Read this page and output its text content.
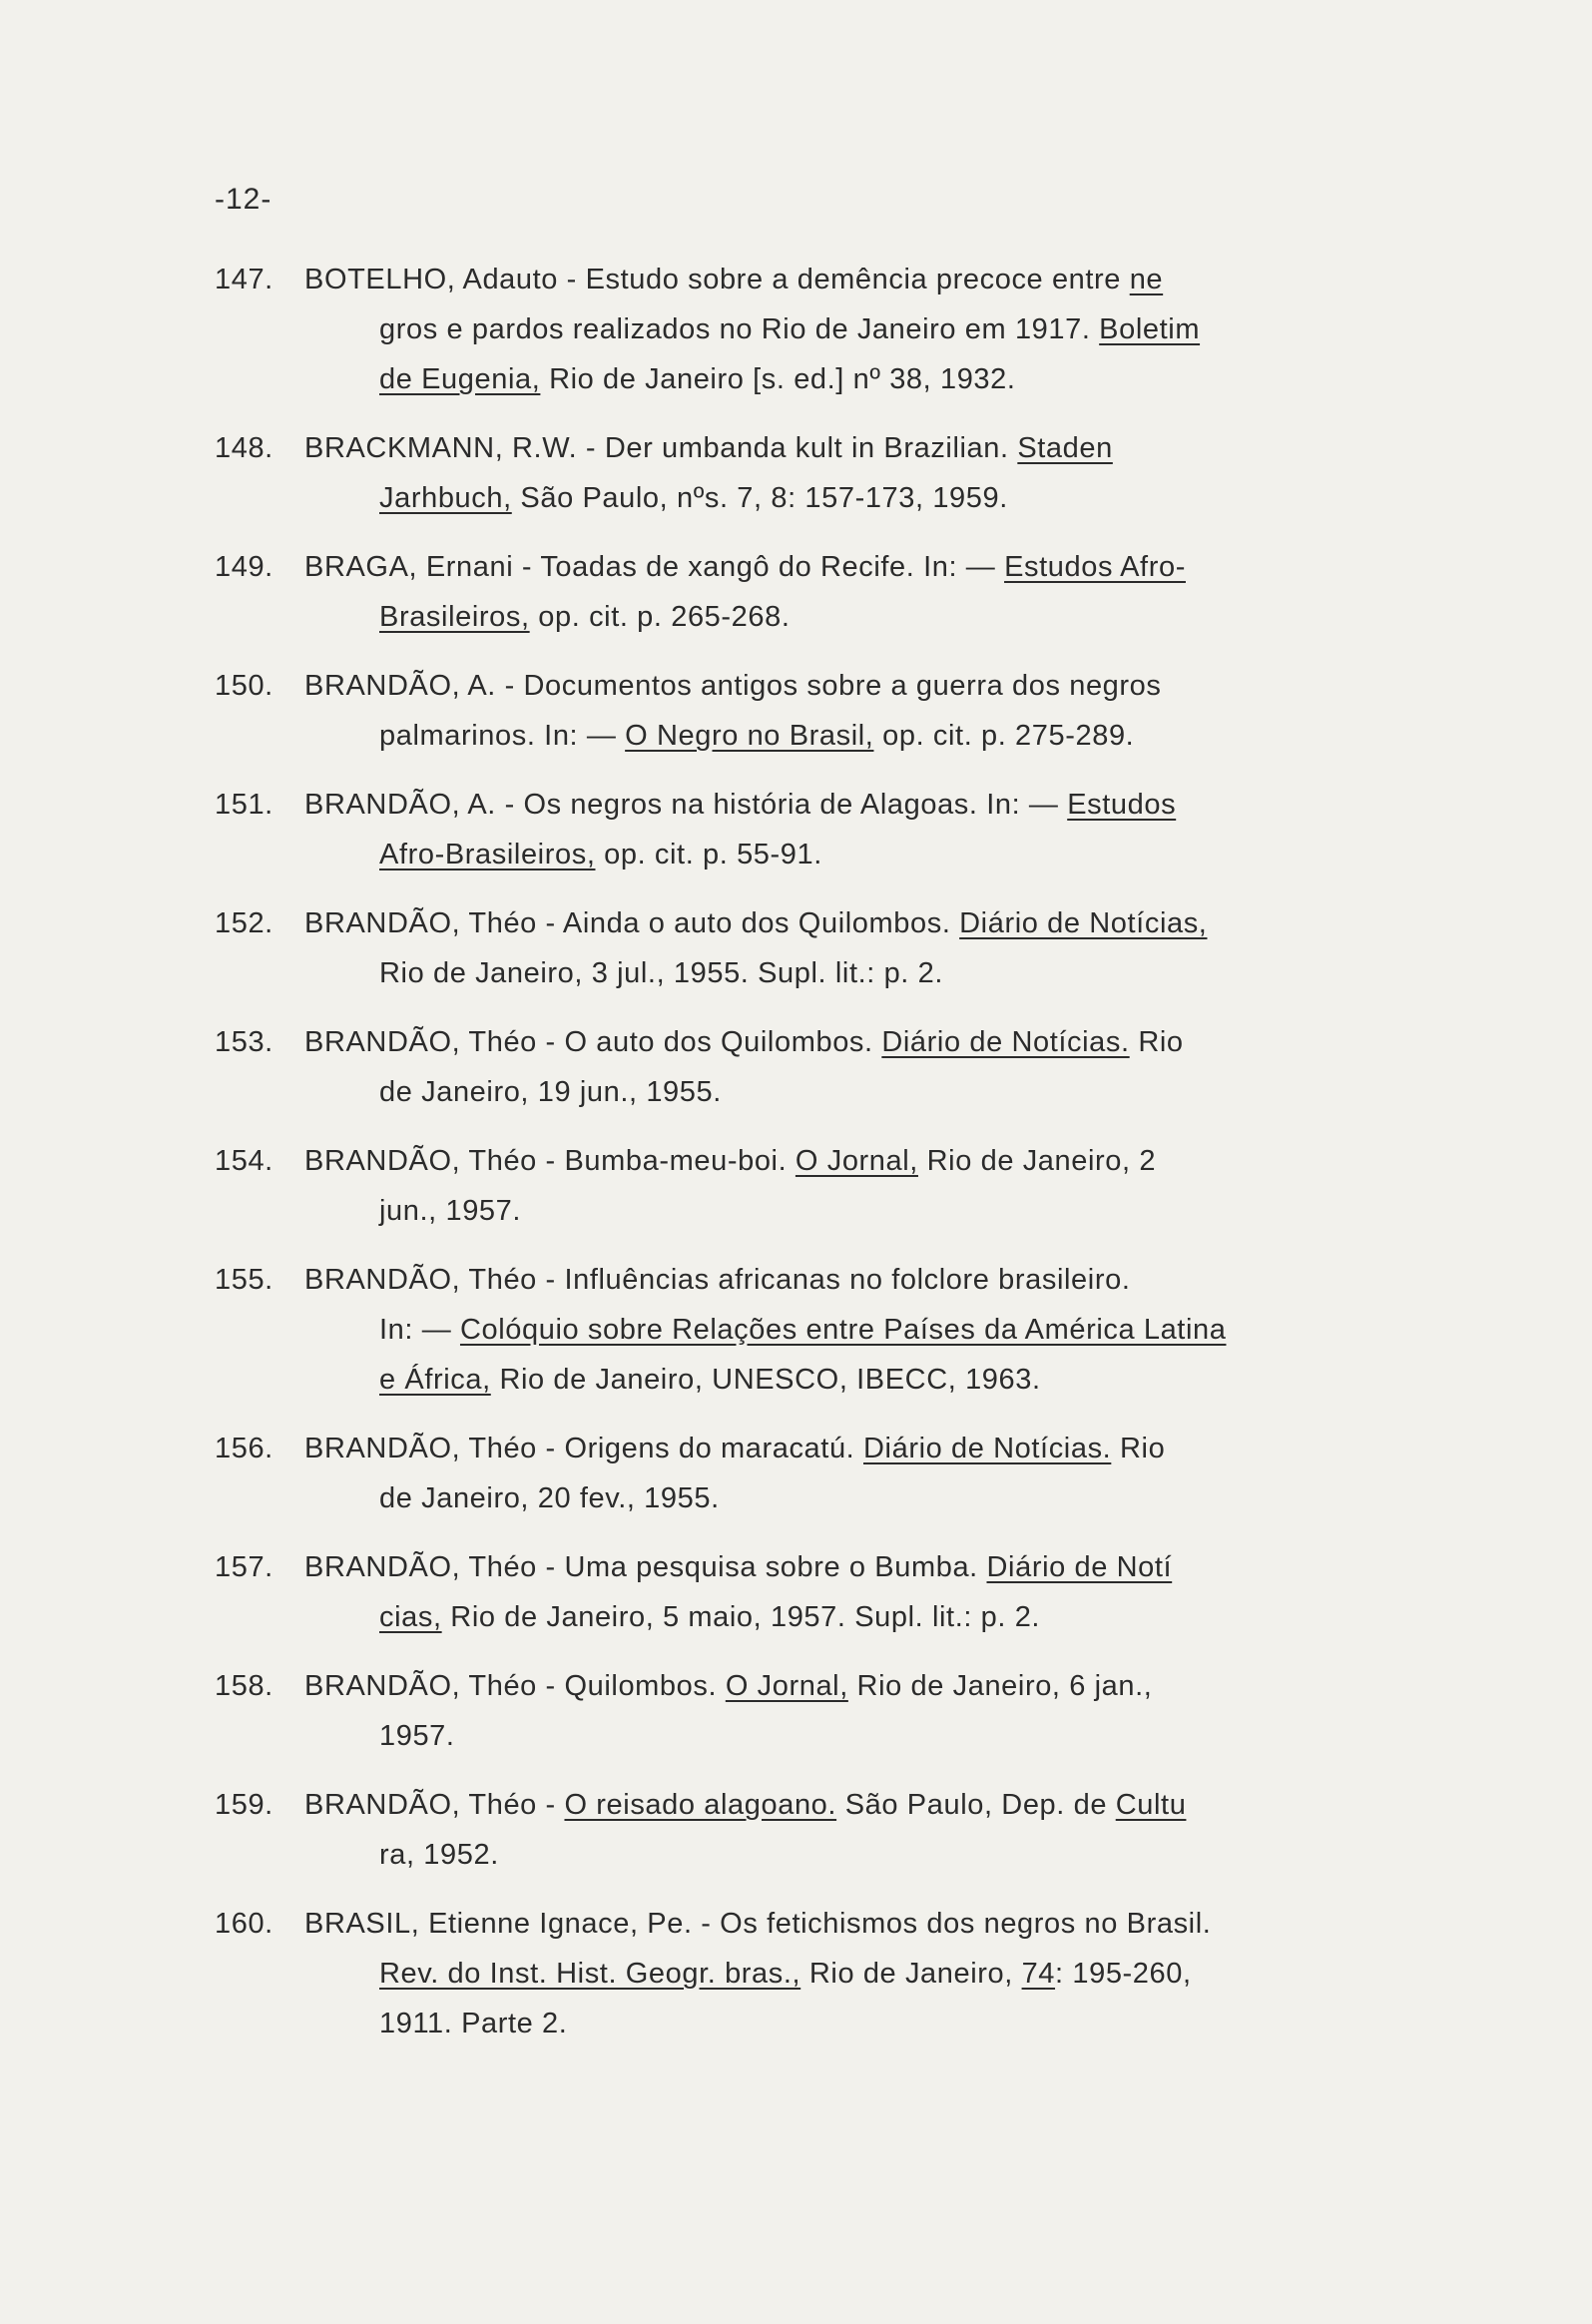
-12-
147.	BOTELHO, Adauto - Estudo sobre a demência precoce entre ne
gros e pardos realizados no Rio de Janeiro em 1917. Boletim
de Eugenia, Rio de Janeiro [s. ed.] nº 38, 1932.
148.	BRACKMANN, R.W. - Der umbanda kult in Brazilian. Staden
Jarhbuch, São Paulo, nºs. 7, 8: 157-173, 1959.
149.	BRAGA, Ernani - Toadas de xangô do Recife. In: — Estudos Afro-
Brasileiros, op. cit. p. 265-268.
150.	BRANDÃO, A. - Documentos antigos sobre a guerra dos negros
palmarinos. In: — O Negro no Brasil, op. cit. p. 275-289.
151.	BRANDÃO, A. - Os negros na história de Alagoas. In: — Estudos
Afro-Brasileiros, op. cit. p. 55-91.
152.	BRANDÃO, Théo - Ainda o auto dos Quilombos. Diário de Notícias,
Rio de Janeiro, 3 jul., 1955. Supl. lit.: p. 2.
153.	BRANDÃO, Théo - O auto dos Quilombos. Diário de Notícias. Rio
de Janeiro, 19 jun., 1955.
154.	BRANDÃO, Théo - Bumba-meu-boi. O Jornal, Rio de Janeiro, 2
jun., 1957.
155.	BRANDÃO, Théo - Influências africanas no folclore brasileiro.
In: — Colóquio sobre Relações entre Países da América Latina
e África, Rio de Janeiro, UNESCO, IBECC, 1963.
156.	BRANDÃO, Théo - Origens do maracatú. Diário de Notícias. Rio
de Janeiro, 20 fev., 1955.
157.	BRANDÃO, Théo - Uma pesquisa sobre o Bumba. Diário de Notí
cias, Rio de Janeiro, 5 maio, 1957. Supl. lit.: p. 2.
158.	BRANDÃO, Théo - Quilombos. O Jornal, Rio de Janeiro, 6 jan.,
1957.
159.	BRANDÃO, Théo - O reisado alagoano. São Paulo, Dep. de Cultu
ra, 1952.
160.	BRASIL, Etienne Ignace, Pe. - Os fetichismos dos negros no Brasil.
Rev. do Inst. Hist. Geogr. bras., Rio de Janeiro, 74: 195-260,
1911. Parte 2.
